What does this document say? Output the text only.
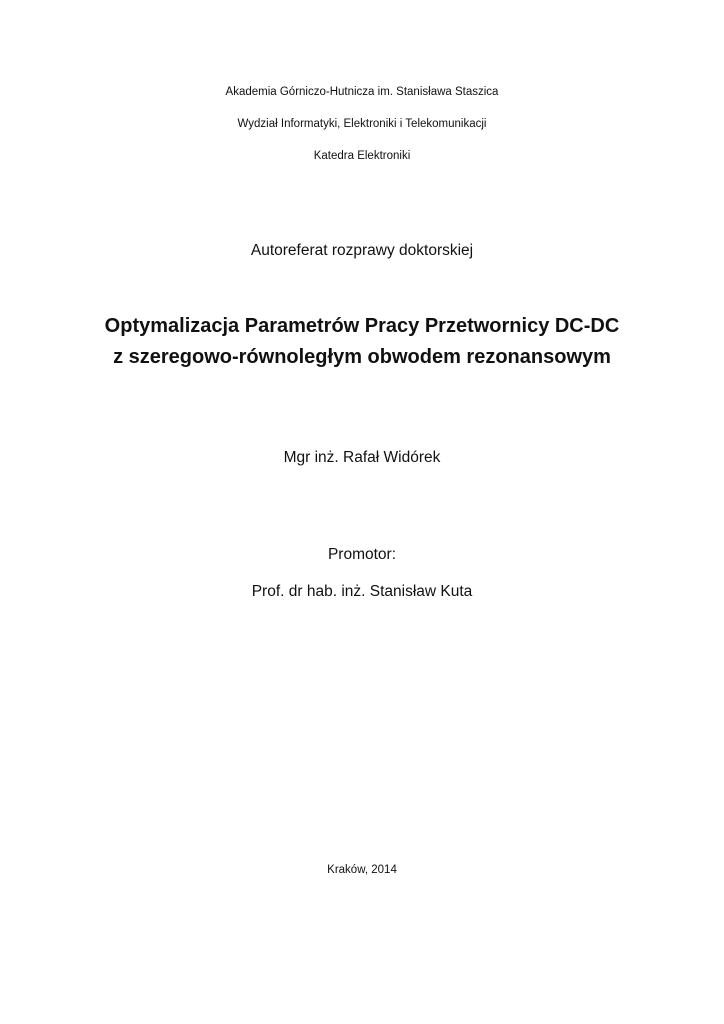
Akademia Górniczo-Hutnicza im. Stanisława Staszica
Wydział Informatyki, Elektroniki i Telekomunikacji
Katedra Elektroniki
Autoreferat rozprawy doktorskiej
Optymalizacja Parametrów Pracy Przetwornicy DC-DC
z szeregowo-równoległym obwodem rezonansowym
Mgr inż. Rafał Widórek
Promotor:
Prof. dr hab. inż. Stanisław Kuta
Kraków, 2014
